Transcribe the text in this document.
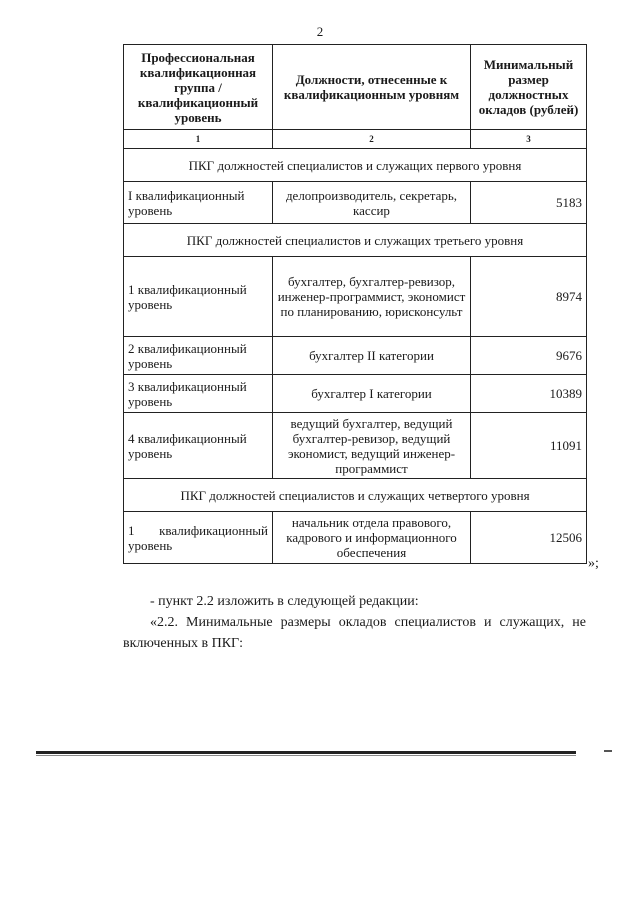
2
Профессиональная квалификационная группа / квалификационный уровень	Должности, отнесенные к квалификационным уровням	Минимальный размер должностных окладов (рублей)
1	2	3
ПКГ должностей специалистов и служащих первого уровня		
I квалификационный уровень	делопроизводитель, секретарь, кассир	5183
ПКГ должностей специалистов и служащих третьего уровня		
1 квалификационный уровень	бухгалтер, бухгалтер-ревизор, инженер-программист, экономист по планированию, юрисконсульт	8974
2 квалификационный уровень	бухгалтер II категории	9676
3 квалификационный уровень	бухгалтер I категории	10389
4 квалификационный уровень	ведущий бухгалтер, ведущий бухгалтер-ревизор, ведущий экономист, ведущий инженер-программист	11091
ПКГ должностей специалистов и служащих четвертого уровня		
1 квалификационный уровень	начальник отдела правового, кадрового и информационного обеспечения	12506
»;
- пункт 2.2 изложить в следующей редакции:
«2.2. Минимальные размеры окладов специалистов и служащих, не включенных в ПКГ:
